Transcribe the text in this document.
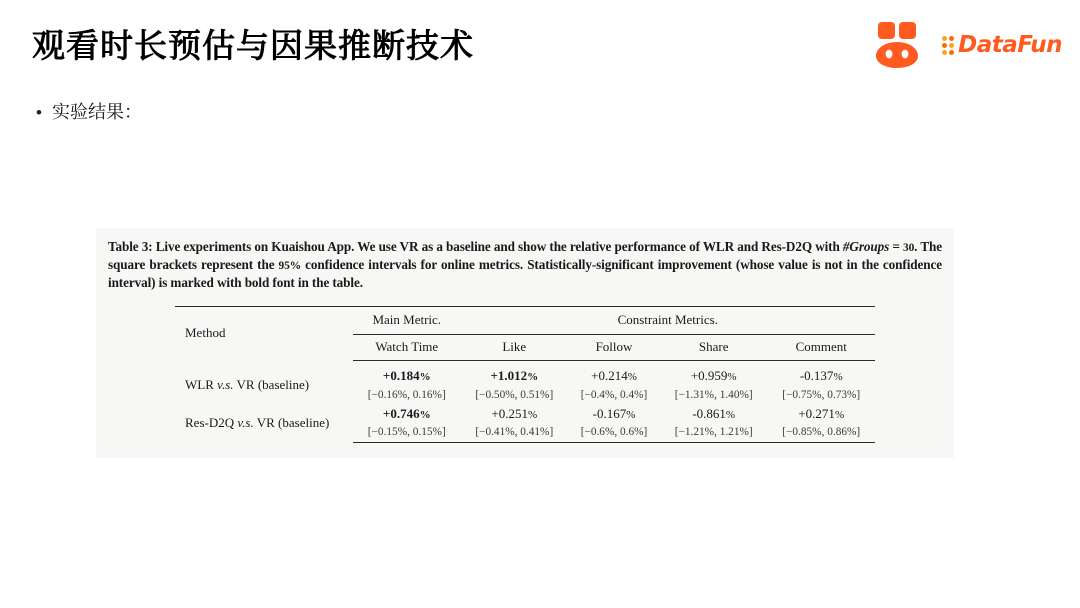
观看时长预估与因果推断技术	DataFun
• 实验结果：
Table 3: Live experiments on Kuaishou App. We use VR as a baseline and show the relative performance of WLR and Res-D2Q with #Groups = 30. The square brackets represent the 95% confidence intervals for online metrics. Statistically-significant improvement (whose value is not in the confidence interval) is marked with bold font in the table.
Method	Main Metric.	Constraint Metrics.			
	Watch Time	Like	Follow	Share	Comment

WLR v.s. VR (baseline)	+0.184%	+1.012%	+0.214%	+0.959%	-0.137%
	[−0.16%, 0.16%]	[−0.50%, 0.51%]	[−0.4%, 0.4%]	[−1.31%, 1.40%]	[−0.75%, 0.73%]
Res-D2Q v.s. VR (baseline)	+0.746%	+0.251%	-0.167%	-0.861%	+0.271%
	[−0.15%, 0.15%]	[−0.41%, 0.41%]	[−0.6%, 0.6%]	[−1.21%, 1.21%]	[−0.85%, 0.86%]
